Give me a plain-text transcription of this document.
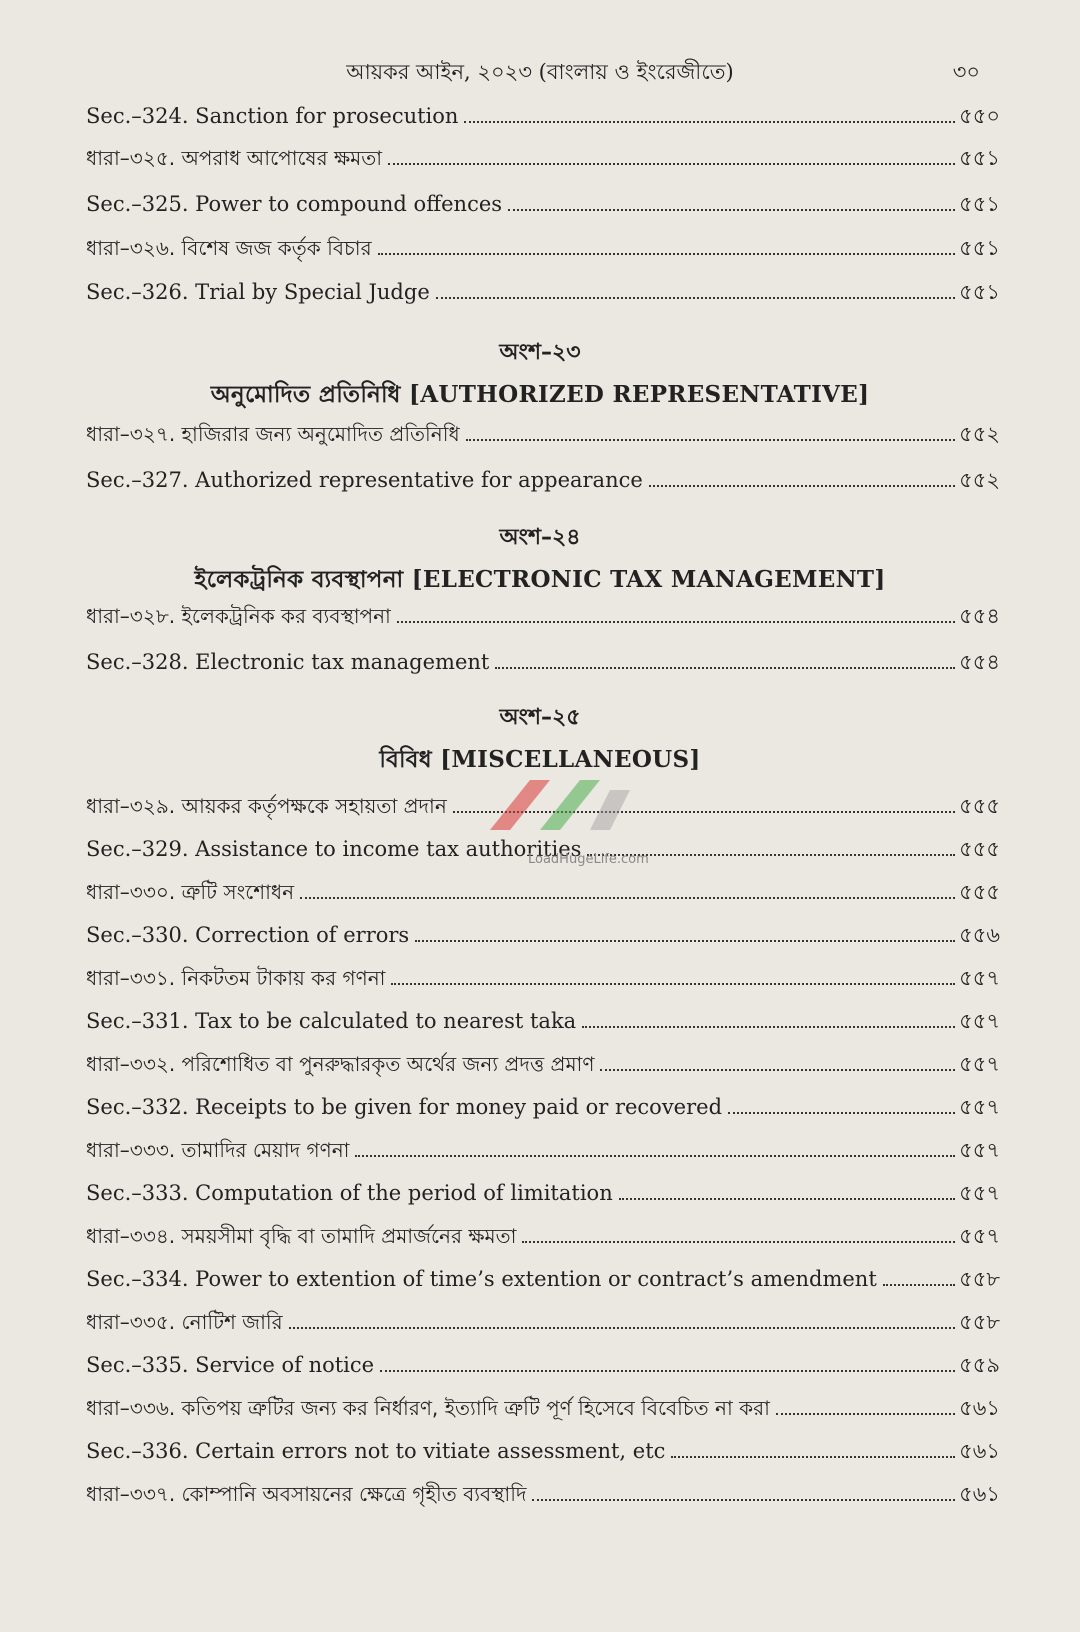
আয়কর আইন, ২০২৩ (বাংলায় ও ইংরেজীতে)	৩০
Sec.–324. Sanction for prosecution	৫৫০
ধারা–৩২৫. অপরাধ আপোষের ক্ষমতা	৫৫১
Sec.–325. Power to compound offences	৫৫১
ধারা–৩২৬. বিশেষ জজ কর্তৃক বিচার	৫৫১
Sec.–326. Trial by Special Judge	৫৫১
ধারা–৩২৭. হাজিরার জন্য অনুমোদিত প্রতিনিধি	৫৫২
Sec.–327. Authorized representative for appearance	৫৫২
ধারা–৩২৮. ইলেকট্রনিক কর ব্যবস্থাপনা	৫৫৪
Sec.–328. Electronic tax management	৫৫৪
ধারা–৩২৯. আয়কর কর্তৃপক্ষকে সহায়তা প্রদান	৫৫৫
Sec.–329. Assistance to income tax authorities	৫৫৫
ধারা–৩৩০. ত্রুটি সংশোধন	৫৫৫
Sec.–330. Correction of errors	৫৫৬
ধারা–৩৩১. নিকটতম টাকায় কর গণনা	৫৫৭
Sec.–331. Tax to be calculated to nearest taka	৫৫৭
ধারা–৩৩২. পরিশোধিত বা পুনরুদ্ধারকৃত অর্থের জন্য প্রদত্ত প্রমাণ	৫৫৭
Sec.–332. Receipts to be given for money paid or recovered	৫৫৭
ধারা–৩৩৩. তামাদির মেয়াদ গণনা	৫৫৭
Sec.–333. Computation of the period of limitation	৫৫৭
ধারা–৩৩৪. সময়সীমা বৃদ্ধি বা তামাদি প্রমার্জনের ক্ষমতা	৫৫৭
Sec.–334. Power to extention of time’s extention or contract’s amendment	৫৫৮
ধারা–৩৩৫. নোটিশ জারি	৫৫৮
Sec.–335. Service of notice	৫৫৯
ধারা–৩৩৬. কতিপয় ত্রুটির জন্য কর নির্ধারণ, ইত্যাদি ত্রুটি পূর্ণ হিসেবে বিবেচিত না করা	৫৬১
Sec.–336. Certain errors not to vitiate assessment, etc	৫৬১
ধারা–৩৩৭. কোম্পানি অবসায়নের ক্ষেত্রে গৃহীত ব্যবস্থাদি	৫৬১
অংশ–২৩
অনুমোদিত প্রতিনিধি [AUTHORIZED REPRESENTATIVE]
অংশ–২৪
ইলেকট্রনিক ব্যবস্থাপনা [ELECTRONIC TAX MANAGEMENT]
অংশ–২৫
বিবিধ [MISCELLANEOUS]
LoadHugeLife.com
